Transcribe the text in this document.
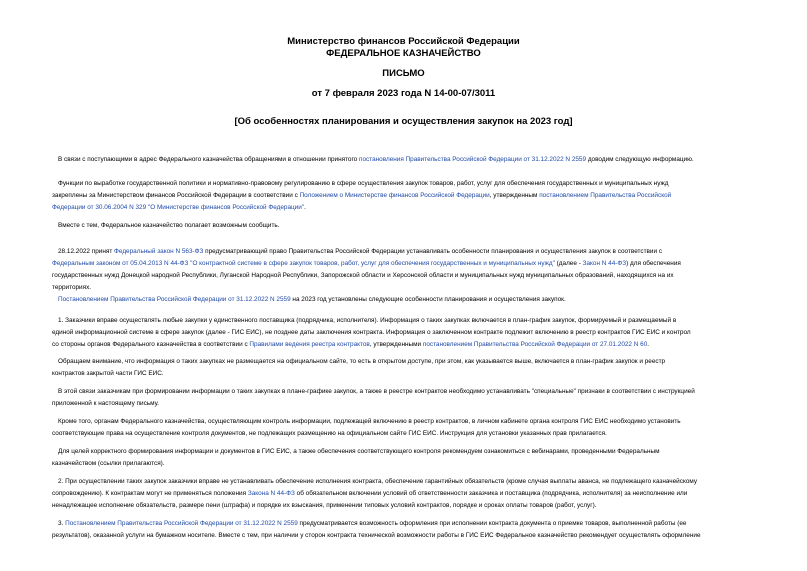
Министерство финансов Российской Федерации
ФЕДЕРАЛЬНОЕ КАЗНАЧЕЙСТВО
ПИСЬМО
от 7 февраля 2023 года N 14-00-07/3011
[Об особенностях планирования и осуществления закупок на 2023 год]
В связи с поступающими в адрес Федерального казначейства обращениями в отношении принятого постановления Правительства Российской Федерации от 31.12.2022 N 2559 доводим следующую информацию.
Функции по выработке государственной политики и нормативно-правовому регулированию в сфере осуществления закупок товаров, работ, услуг для обеспечения государственных и муниципальных нужд
закреплены за Министерством финансов Российской Федерации в соответствии с Положением о Министерстве финансов Российской Федерации, утвержденным постановлением Правительства Российской
Федерации от 30.06.2004 N 329 "О Министерстве финансов Российской Федерации".
Вместе с тем, Федеральное казначейство полагает возможным сообщить.
28.12.2022 принят Федеральный закон N 563-ФЗ предусматривающий право Правительства Российской Федерации устанавливать особенности планирования и осуществления закупок в соответствии с
Федеральным законом от 05.04.2013 N 44-ФЗ "О контрактной системе в сфере закупок товаров, работ, услуг для обеспечения государственных и муниципальных нужд" (далее - Закон N 44-ФЗ) для обеспечения
государственных нужд Донецкой народной Республики, Луганской Народной Республики, Запорожской области и Херсонской области и муниципальных нужд муниципальных образований, находящихся на их
территориях.
Постановлением Правительства Российской Федерации от 31.12.2022 N 2559 на 2023 год установлены следующие особенности планирования и осуществления закупок.
1. Заказчики вправе осуществлять любые закупки у единственного поставщика (подрядчика, исполнителя). Информация о таких закупках включается в план-график закупок, формируемый и размещаемый в
единой информационной системе в сфере закупок (далее - ГИС ЕИС), не позднее даты заключения контракта. Информация о заключенном контракте подлежит включению в реестр контрактов ГИС ЕИС и контрол
со стороны органов Федерального казначейства в соответствии с Правилами ведения реестра контрактов, утвержденными постановлением Правительства Российской Федерации от 27.01.2022 N 60.
Обращаем внимание, что информация о таких закупках не размещается на официальном сайте, то есть в открытом доступе, при этом, как указывается выше, включается в план-график закупок и реестр
контрактов закрытой части ГИС ЕИС.
В этой связи заказчикам при формировании информации о таких закупках в плане-графике закупок, а также в реестре контрактов необходимо устанавливать "специальные" признаки в соответствии с инструкцией
приложенной к настоящему письму.
Кроме того, органам Федерального казначейства, осуществляющим контроль информации, подлежащей включению в реестр контрактов, в личном кабинете органа контроля ГИС ЕИС необходимо установить
соответствующие права на осуществление контроля документов, не подлежащих размещению на официальном сайте ГИС ЕИС. Инструкция для установки указанных прав прилагается.
Для целей корректного формирования информации и документов в ГИС ЕИС, а также обеспечения соответствующего контроля рекомендуем ознакомиться с вебинарами, проведенными Федеральным
казначейством (ссылки прилагаются).
2. При осуществлении таких закупок заказчики вправе не устанавливать обеспечение исполнения контракта, обеспечение гарантийных обязательств (кроме случая выплаты аванса, не подлежащего казначейскому
сопровождению). К контрактам могут не применяться положения Закона N 44-ФЗ об обязательном включении условий об ответственности заказчика и поставщика (подрядчика, исполнителя) за неисполнение или
ненадлежащее исполнение обязательств, размере пени (штрафа) и порядке их взыскания, применении типовых условий контрактов, порядке и сроках оплаты товаров (работ, услуг).
3. Постановлением Правительства Российской Федерации от 31.12.2022 N 2559 предусматривается возможность оформления при исполнении контракта документа о приемке товаров, выполненной работы (ее
результатов), оказанной услуги на бумажном носителе. Вместе с тем, при наличии у сторон контракта технической возможности работы в ГИС ЕИС Федеральное казначейство рекомендует осуществлять оформление
